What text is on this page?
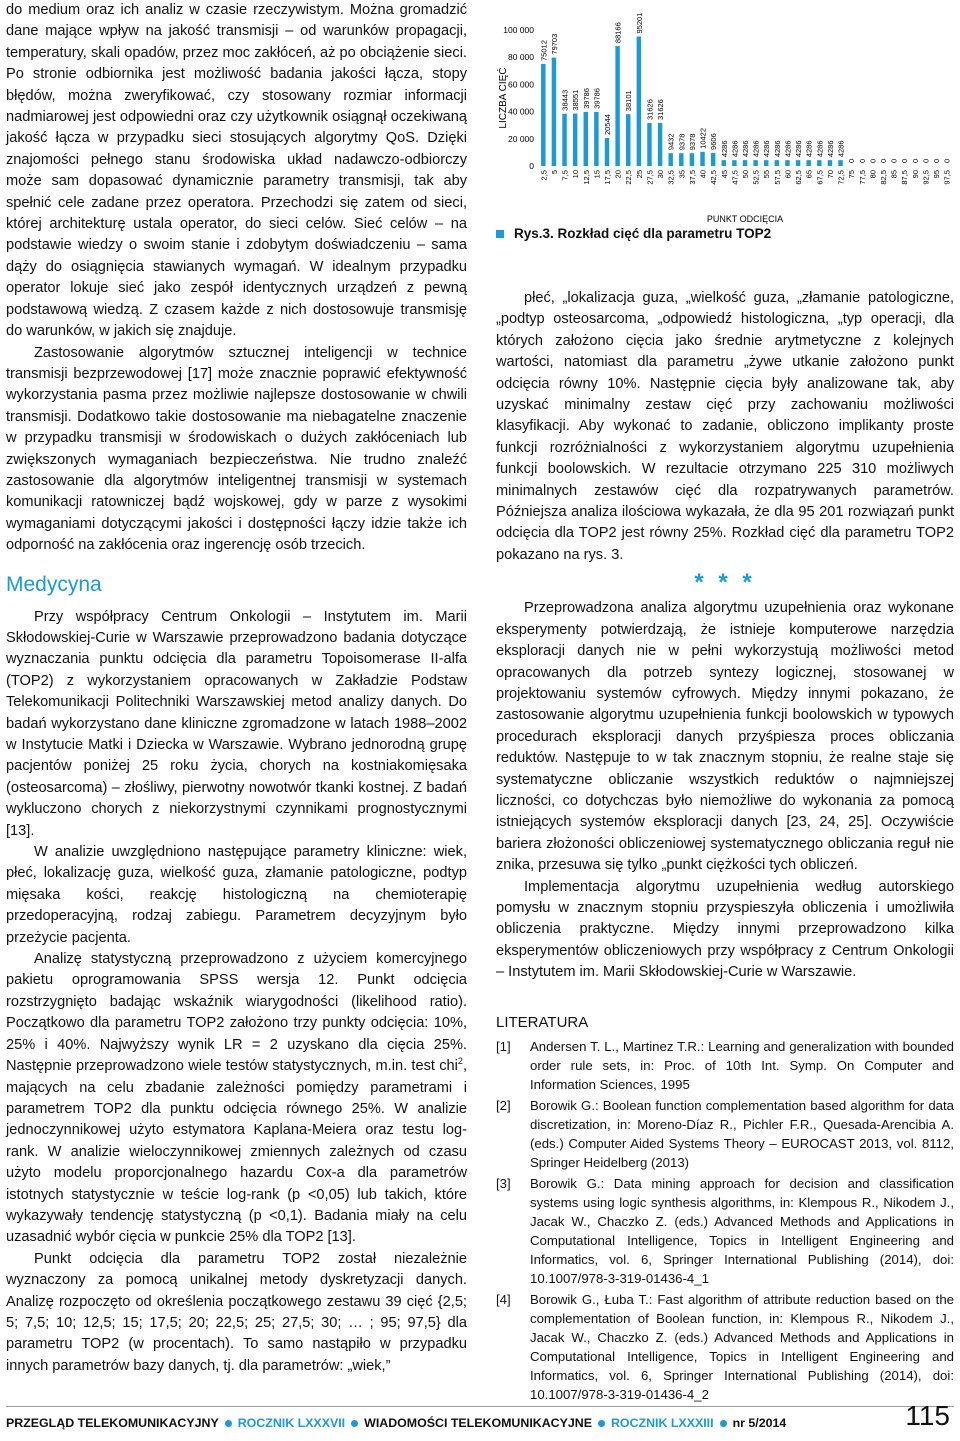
do medium oraz ich analiz w czasie rzeczywistym. Można gromadzić dane mające wpływ na jakość transmisji – od warunków propagacji, temperatury, skali opadów, przez moc zakłóceń, aż po obciążenie sieci. Po stronie odbiornika jest możliwość badania jakości łącza, stopy błędów, można zweryfikować, czy stosowany rozmiar informacji nadmiarowej jest odpowiedni oraz czy użytkownik osiągnął oczekiwaną jakość łącza w przypadku sieci stosujących algorytmy QoS. Dzięki znajomości pełnego stanu środowiska układ nadawczo-odbiorczy może sam dopasować dynamicznie parametry transmisji, tak aby spełnić cele zadane przez operatora. Przechodzi się zatem od sieci, której architekturę ustala operator, do sieci celów. Sieć celów – na podstawie wiedzy o swoim stanie i zdobytym doświadczeniu – sama dąży do osiągnięcia stawianych wymagań. W idealnym przypadku operator lokuje sieć jako zespół identycznych urządzeń z pewną podstawową wiedzą. Z czasem każde z nich dostosowuje transmisję do warunków, w jakich się znajduje.

Zastosowanie algorytmów sztucznej inteligencji w technice transmisji bezprzewodowej [17] może znacznie poprawić efektywność wykorzystania pasma przez możliwie najlepsze dostosowanie w chwili transmisji. Dodatkowo takie dostosowanie ma niebagatelne znaczenie w przypadku transmisji w środowiskach o dużych zakłóceniach lub zwiększonych wymaganiach bezpieczeństwa. Nie trudno znaleźć zastosowanie dla algorytmów inteligentnej transmisji w systemach komunikacji ratowniczej bądź wojskowej, gdy w parze z wysokimi wymaganiami dotyczącymi jakości i dostępności łączy idzie także ich odporność na zakłócenia oraz ingerencję osób trzecich.

Medycyna

Przy współpracy Centrum Onkologii – Instytutem im. Marii Skłodowskiej-Curie w Warszawie przeprowadzono badania dotyczące wyznaczania punktu odcięcia dla parametru Topoisomerase II-alfa (TOP2) z wykorzystaniem opracowanych w Zakładzie Podstaw Telekomunikacji Politechniki Warszawskiej metod analizy danych. Do badań wykorzystano dane kliniczne zgromadzone w latach 1988–2002 w Instytucie Matki i Dziecka w Warszawie. Wybrano jednorodną grupę pacjentów poniżej 25 roku życia, chorych na kostniakomięsaka (osteosarcoma) – złośliwy, pierwotny nowotwór tkanki kostnej. Z badań wykluczono chorych z niekorzystnymi czynnikami prognostycznymi [13].

W analizie uwzględniono następujące parametry kliniczne: wiek, płeć, lokalizację guza, wielkość guza, złamanie patologiczne, podtyp mięsaka kości, reakcję histologiczną na chemioterapię przedoperacyjną, rodzaj zabiegu. Parametrem decyzyjnym było przeżycie pacjenta.

Analizę statystyczną przeprowadzono z użyciem komercyjnego pakietu oprogramowania SPSS wersja 12. Punkt odcięcia rozstrzygnięto badając wskaźnik wiarygodności (likelihood ratio). Początkowo dla parametru TOP2 założono trzy punkty odcięcia: 10%, 25% i 40%. Najwyższy wynik LR = 2 uzyskano dla cięcia 25%. Następnie przeprowadzono wiele testów statystycznych, m.in. test chi$^2$, mających na celu zbadanie zależności pomiędzy parametrami i parametrem TOP2 dla punktu odcięcia równego 25%. W analizie jednoczynnikowej użyto estymatora Kaplana-Meiera oraz testu log-rank. W analizie wieloczynnikowej zmiennych zależnych od czasu użyto modelu proporcjonalnego hazardu Cox-a dla parametrów istotnych statystycznie w teście log-rank (p <0,05) lub takich, które wykazywały tendencję statystyczną (p <0,1). Badania miały na celu uzasadnić wybór cięcia w punkcie 25% dla TOP2 [13].

Punkt odcięcia dla parametru TOP2 został niezależnie wyznaczony za pomocą unikalnej metody dyskretyzacji danych. Analizę rozpoczęto od określenia początkowego zestawu 39 cięć {2,5; 5; 7,5; 10; 12,5; 15; 17,5; 20; 22,5; 25; 27,5; 30; … ; 95; 97,5} dla parametru TOP2 (w procentach). To samo nastąpiło w przypadku innych parametrów bazy danych, tj. dla parametrów: „wiek,”

LICZBA CIĘĆ
0
20 000
40 000
60 000
80 000
100 000
75012
2,5
79703
5
38443
7,5
38551
10
39786
12,5
39786
15
20544
17,5
88166
20
38101
22,5
95201
25
31626
27,5
31626
30
9432
32,5
9378
35
9378
37,5
10422
40
9606
42,5
4286
45
4286
47,5
4286
50
4286
52,5
4286
55
4286
57,5
4286
60
4286
62,5
4286
65
4286
67,5
4286
70
4286
72,5
0
75
0
77,5
0
80
0
82,5
0
85
0
87,5
0
90
0
92,5
0
95
0
97,5
PUNKT ODCIĘCIA
Rys.3. Rozkład cięć dla parametru TOP2

płeć, „lokalizacja guza, „wielkość guza, „złamanie patologiczne, „podtyp osteosarcoma, „odpowiedź histologiczna, „typ operacji, dla których założono cięcia jako średnie arytmetyczne z kolejnych wartości, natomiast dla parametru „żywe utkanie założono punkt odcięcia równy 10%. Następnie cięcia były analizowane tak, aby uzyskać minimalny zestaw cięć przy zachowaniu możliwości klasyfikacji. Aby wykonać to zadanie, obliczono implikanty proste funkcji rozróżnialności z wykorzystaniem algorytmu uzupełnienia funkcji boolowskich. W rezultacie otrzymano 225 310 możliwych minimalnych zestawów cięć dla rozpatrywanych parametrów. Późniejsza analiza ilościowa wykazała, że dla 95 201 rozwiązań punkt odcięcia dla TOP2 jest równy 25%. Rozkład cięć dla parametru TOP2 pokazano na rys. 3.

* * *

Przeprowadzona analiza algorytmu uzupełnienia oraz wykonane eksperymenty potwierdzają, że istnieje komputerowe narzędzia eksploracji danych nie w pełni wykorzystują możliwości metod opracowanych dla potrzeb syntezy logicznej, stosowanej w projektowaniu systemów cyfrowych. Między innymi pokazano, że zastosowanie algorytmu uzupełnienia funkcji boolowskich w typowych procedurach eksploracji danych przyśpiesza proces obliczania reduktów. Następuje to w tak znacznym stopniu, że realne staje się systematyczne obliczanie wszystkich reduktów o najmniejszej liczności, co dotychczas było niemożliwe do wykonania za pomocą istniejących systemów eksploracji danych [23, 24, 25]. Oczywiście bariera złożoności obliczeniowej systematycznego obliczania reguł nie znika, przesuwa się tylko „punkt ciężkości tych obliczeń.

Implementacja algorytmu uzupełnienia według autorskiego pomysłu w znacznym stopniu przyspieszyła obliczenia i umożliwiła obliczenia praktyczne. Między innymi przeprowadzono kilka eksperymentów obliczeniowych przy współpracy z Centrum Onkologii – Instytutem im. Marii Skłodowskiej-Curie w Warszawie.

LITERATURA
[1]	Andersen T. L., Martinez T.R.: Learning and generalization with bounded order rule sets, in: Proc. of 10th Int. Symp. On Computer and Information Sciences, 1995
[2]	Borowik G.: Boolean function complementation based algorithm for data discretization, in: Moreno-Díaz R., Pichler F.R., Quesada-Arencibia A. (eds.) Computer Aided Systems Theory – EUROCAST 2013, vol. 8112, Springer Heidelberg (2013)
[3]	Borowik G.: Data mining approach for decision and classification systems using logic synthesis algorithms, in: Klempous R., Nikodem J., Jacak W., Chaczko Z. (eds.) Advanced Methods and Applications in Computational Intelligence, Topics in Intelligent Engineering and Informatics, vol. 6, Springer International Publishing (2014), doi: 10.1007/978-3-319-01436-4_1
[4]	Borowik G., Łuba T.: Fast algorithm of attribute reduction based on the complementation of Boolean function, in: Klempous R., Nikodem J., Jacak W., Chaczko Z. (eds.) Advanced Methods and Applications in Computational Intelligence, Topics in Intelligent Engineering and Informatics, vol. 6, Springer International Publishing (2014), doi: 10.1007/978-3-319-01436-4_2
PRZEGLĄD TELEKOMUNIKACYJNY ROCZNIK LXXXVII WIADOMOŚCI TELEKOMUNIKACYJNE ROCZNIK LXXXIII nr 5/2014	115
